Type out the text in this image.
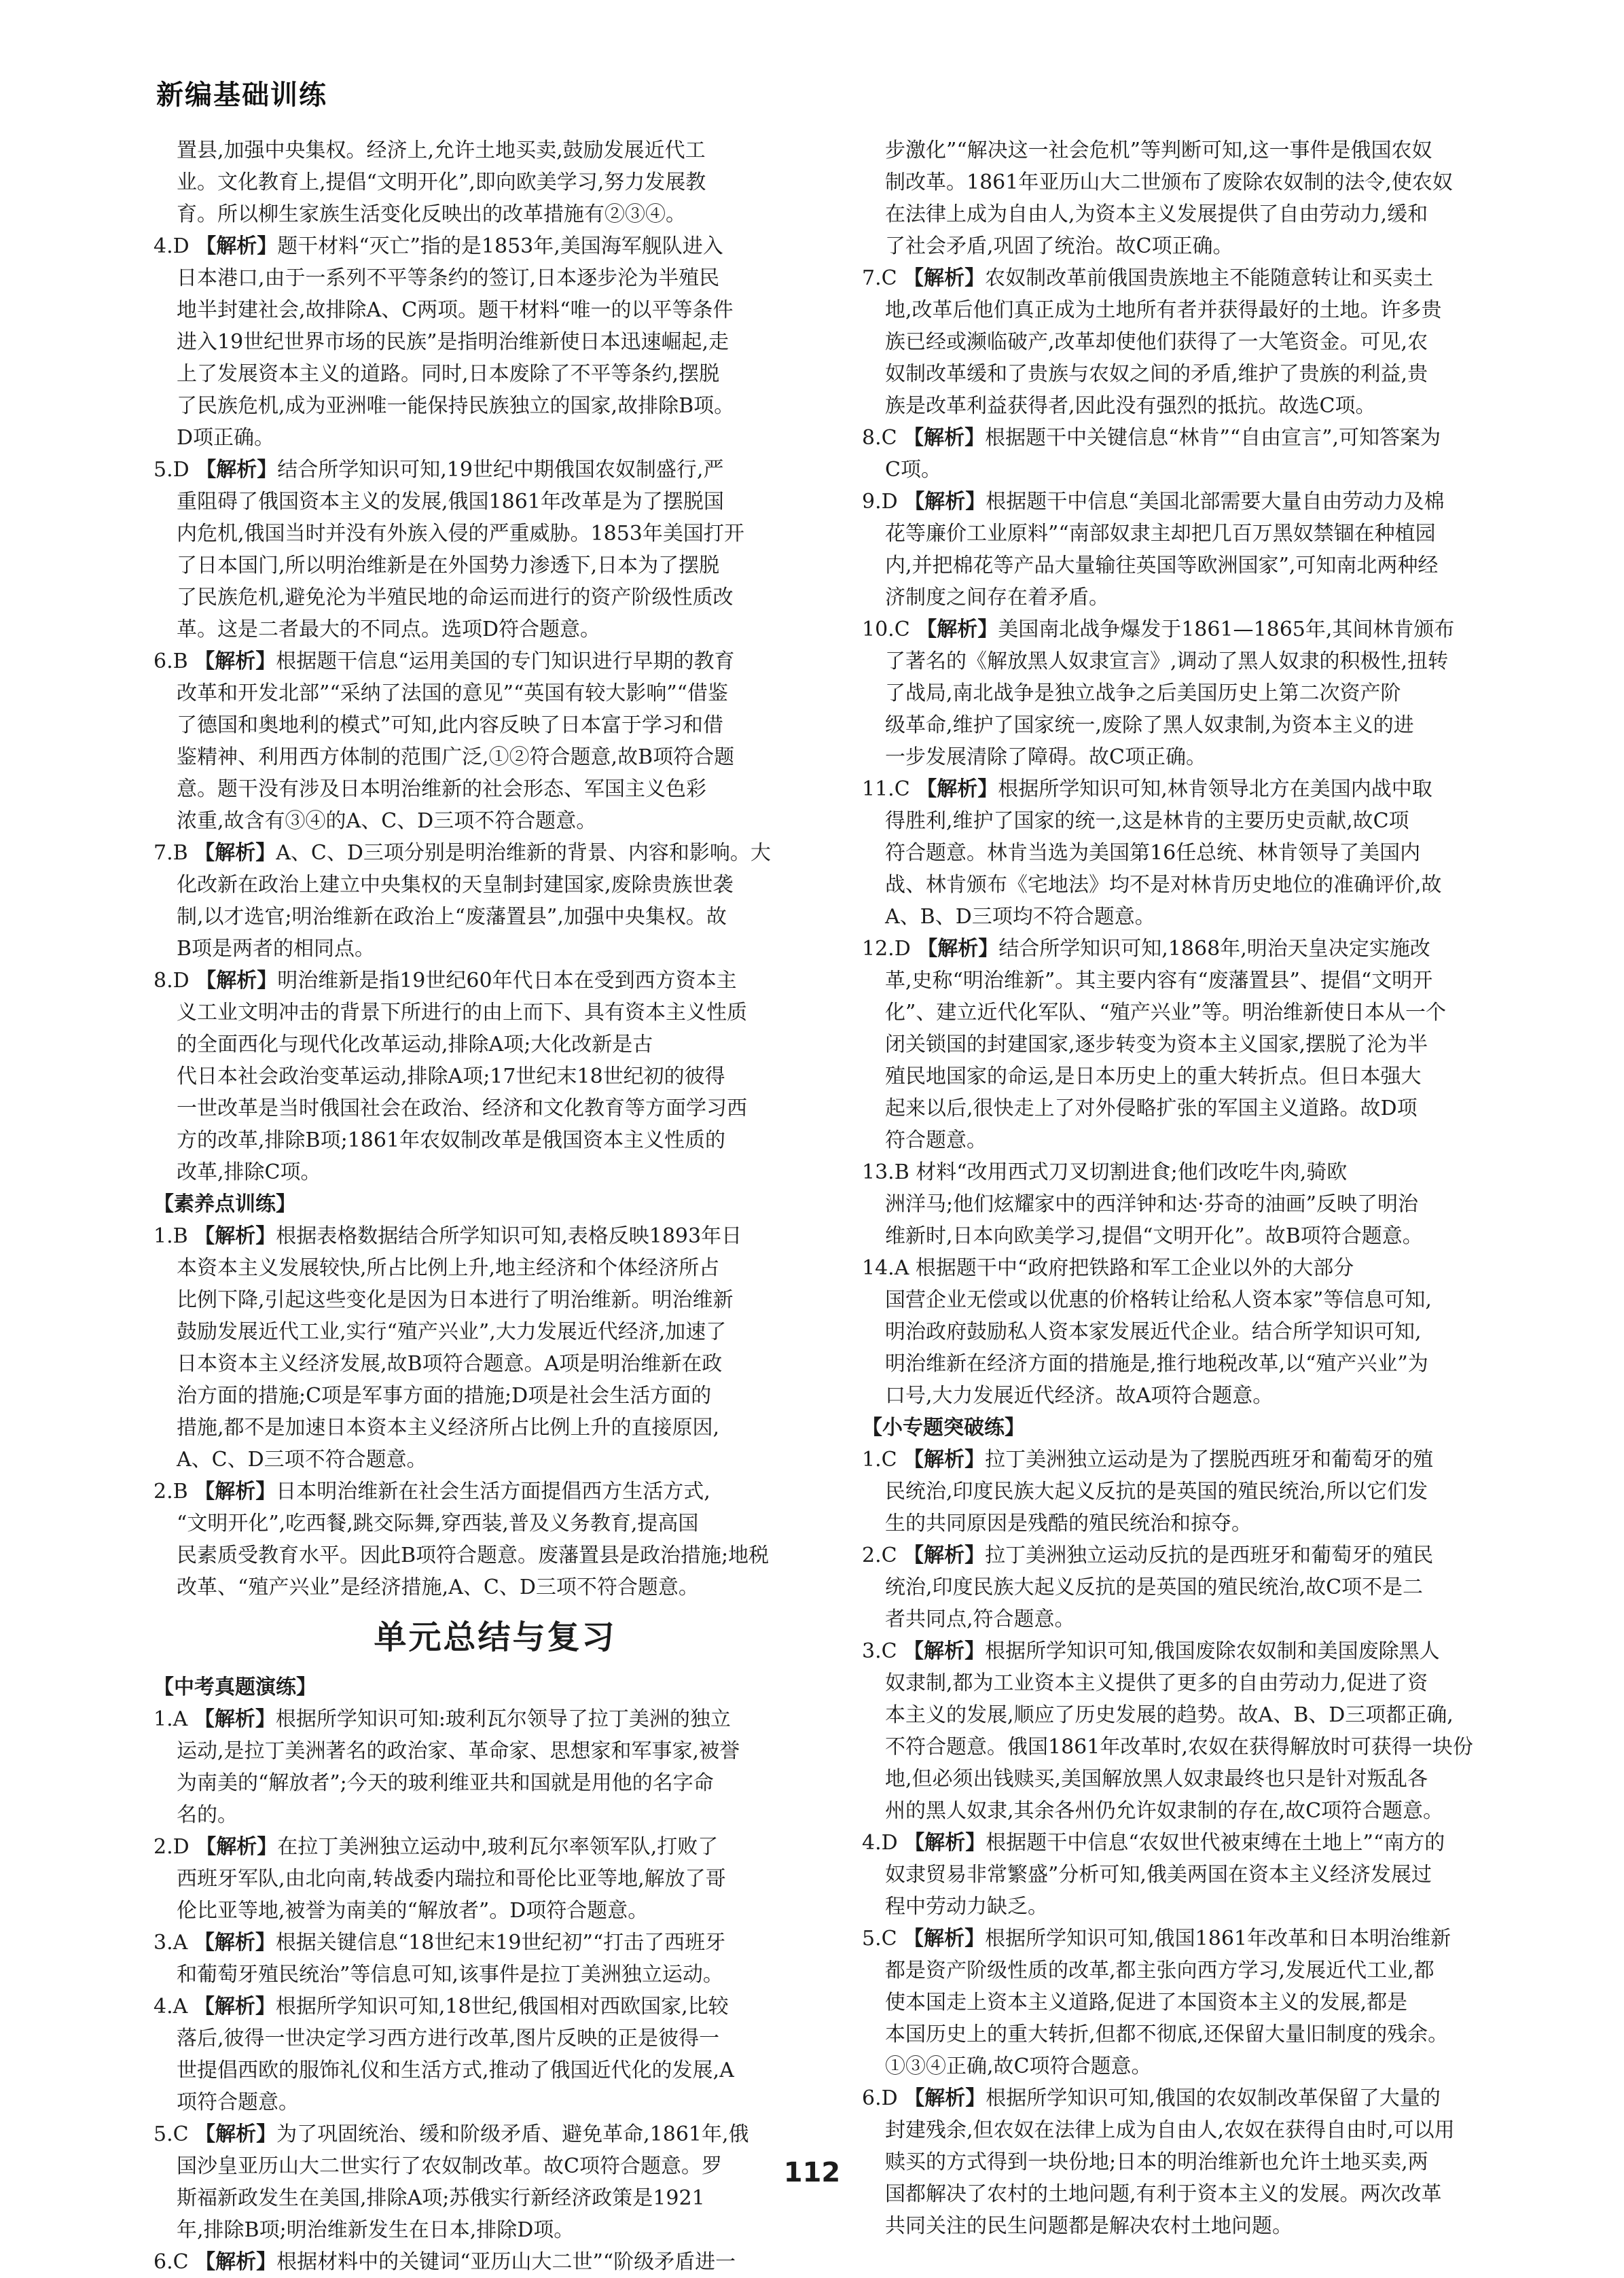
新编基础训练
置县,加强中央集权。经济上,允许土地买卖,鼓励发展近代工
业。文化教育上,提倡“文明开化”,即向欧美学习,努力发展教
育。所以柳生家族生活变化反映出的改革措施有②③④。
4.D 【解析】题干材料“灭亡”指的是1853年,美国海军舰队进入
日本港口,由于一系列不平等条约的签订,日本逐步沦为半殖民
地半封建社会,故排除A、C两项。题干材料“唯一的以平等条件
进入19世纪世界市场的民族”是指明治维新使日本迅速崛起,走
上了发展资本主义的道路。同时,日本废除了不平等条约,摆脱
了民族危机,成为亚洲唯一能保持民族独立的国家,故排除B项。
D项正确。
5.D 【解析】结合所学知识可知,19世纪中期俄国农奴制盛行,严
重阻碍了俄国资本主义的发展,俄国1861年改革是为了摆脱国
内危机,俄国当时并没有外族入侵的严重威胁。1853年美国打开
了日本国门,所以明治维新是在外国势力渗透下,日本为了摆脱
了民族危机,避免沦为半殖民地的命运而进行的资产阶级性质改
革。这是二者最大的不同点。选项D符合题意。
6.B 【解析】根据题干信息“运用美国的专门知识进行早期的教育
改革和开发北部”“采纳了法国的意见”“英国有较大影响”“借鉴
了德国和奥地利的模式”可知,此内容反映了日本富于学习和借
鉴精神、利用西方体制的范围广泛,①②符合题意,故B项符合题
意。题干没有涉及日本明治维新的社会形态、军国主义色彩
浓重,故含有③④的A、C、D三项不符合题意。
7.B 【解析】A、C、D三项分别是明治维新的背景、内容和影响。大
化改新在政治上建立中央集权的天皇制封建国家,废除贵族世袭
制,以才选官;明治维新在政治上“废藩置县”,加强中央集权。故
B项是两者的相同点。
8.D 【解析】明治维新是指19世纪60年代日本在受到西方资本主
义工业文明冲击的背景下所进行的由上而下、具有资本主义性质
的全面西化与现代化改革运动,排除A项;大化改新是古
代日本社会政治变革运动,排除A项;17世纪末18世纪初的彼得
一世改革是当时俄国社会在政治、经济和文化教育等方面学习西
方的改革,排除B项;1861年农奴制改革是俄国资本主义性质的
改革,排除C项。
【素养点训练】
1.B 【解析】根据表格数据结合所学知识可知,表格反映1893年日
本资本主义发展较快,所占比例上升,地主经济和个体经济所占
比例下降,引起这些变化是因为日本进行了明治维新。明治维新
鼓励发展近代工业,实行“殖产兴业”,大力发展近代经济,加速了
日本资本主义经济发展,故B项符合题意。A项是明治维新在政
治方面的措施;C项是军事方面的措施;D项是社会生活方面的
措施,都不是加速日本资本主义经济所占比例上升的直接原因,
A、C、D三项不符合题意。
2.B 【解析】日本明治维新在社会生活方面提倡西方生活方式,
“文明开化”,吃西餐,跳交际舞,穿西装,普及义务教育,提高国
民素质受教育水平。因此B项符合题意。废藩置县是政治措施;地税
改革、“殖产兴业”是经济措施,A、C、D三项不符合题意。
单元总结与复习
【中考真题演练】
1.A 【解析】根据所学知识可知:玻利瓦尔领导了拉丁美洲的独立
运动,是拉丁美洲著名的政治家、革命家、思想家和军事家,被誉
为南美的“解放者”;今天的玻利维亚共和国就是用他的名字命
名的。
2.D 【解析】在拉丁美洲独立运动中,玻利瓦尔率领军队,打败了
西班牙军队,由北向南,转战委内瑞拉和哥伦比亚等地,解放了哥
伦比亚等地,被誉为南美的“解放者”。D项符合题意。
3.A 【解析】根据关键信息“18世纪末19世纪初”“打击了西班牙
和葡萄牙殖民统治”等信息可知,该事件是拉丁美洲独立运动。
4.A 【解析】根据所学知识可知,18世纪,俄国相对西欧国家,比较
落后,彼得一世决定学习西方进行改革,图片反映的正是彼得一
世提倡西欧的服饰礼仪和生活方式,推动了俄国近代化的发展,A
项符合题意。
5.C 【解析】为了巩固统治、缓和阶级矛盾、避免革命,1861年,俄
国沙皇亚历山大二世实行了农奴制改革。故C项符合题意。罗
斯福新政发生在美国,排除A项;苏俄实行新经济政策是1921
年,排除B项;明治维新发生在日本,排除D项。
6.C 【解析】根据材料中的关键词“亚历山大二世”“阶级矛盾进一
步激化”“解决这一社会危机”等判断可知,这一事件是俄国农奴
制改革。1861年亚历山大二世颁布了废除农奴制的法令,使农奴
在法律上成为自由人,为资本主义发展提供了自由劳动力,缓和
了社会矛盾,巩固了统治。故C项正确。
7.C 【解析】农奴制改革前俄国贵族地主不能随意转让和买卖土
地,改革后他们真正成为土地所有者并获得最好的土地。许多贵
族已经或濒临破产,改革却使他们获得了一大笔资金。可见,农
奴制改革缓和了贵族与农奴之间的矛盾,维护了贵族的利益,贵
族是改革利益获得者,因此没有强烈的抵抗。故选C项。
8.C 【解析】根据题干中关键信息“林肯”“自由宣言”,可知答案为
C项。
9.D 【解析】根据题干中信息“美国北部需要大量自由劳动力及棉
花等廉价工业原料”“南部奴隶主却把几百万黑奴禁锢在种植园
内,并把棉花等产品大量输往英国等欧洲国家”,可知南北两种经
济制度之间存在着矛盾。
10.C 【解析】美国南北战争爆发于1861—1865年,其间林肯颁布
了著名的《解放黑人奴隶宣言》,调动了黑人奴隶的积极性,扭转
了战局,南北战争是独立战争之后美国历史上第二次资产阶
级革命,维护了国家统一,废除了黑人奴隶制,为资本主义的进
一步发展清除了障碍。故C项正确。
11.C 【解析】根据所学知识可知,林肯领导北方在美国内战中取
得胜利,维护了国家的统一,这是林肯的主要历史贡献,故C项
符合题意。林肯当选为美国第16任总统、林肯领导了美国内
战、林肯颁布《宅地法》均不是对林肯历史地位的准确评价,故
A、B、D三项均不符合题意。
12.D 【解析】结合所学知识可知,1868年,明治天皇决定实施改
革,史称“明治维新”。其主要内容有“废藩置县”、提倡“文明开
化”、建立近代化军队、“殖产兴业”等。明治维新使日本从一个
闭关锁国的封建国家,逐步转变为资本主义国家,摆脱了沦为半
殖民地国家的命运,是日本历史上的重大转折点。但日本强大
起来以后,很快走上了对外侵略扩张的军国主义道路。故D项
符合题意。
13.B 材料“改用西式刀叉切割进食;他们改吃牛肉,骑欧
洲洋马;他们炫耀家中的西洋钟和达·芬奇的油画”反映了明治
维新时,日本向欧美学习,提倡“文明开化”。故B项符合题意。
14.A 根据题干中“政府把铁路和军工企业以外的大部分
国营企业无偿或以优惠的价格转让给私人资本家”等信息可知,
明治政府鼓励私人资本家发展近代企业。结合所学知识可知,
明治维新在经济方面的措施是,推行地税改革,以“殖产兴业”为
口号,大力发展近代经济。故A项符合题意。
【小专题突破练】
1.C 【解析】拉丁美洲独立运动是为了摆脱西班牙和葡萄牙的殖
民统治,印度民族大起义反抗的是英国的殖民统治,所以它们发
生的共同原因是残酷的殖民统治和掠夺。
2.C 【解析】拉丁美洲独立运动反抗的是西班牙和葡萄牙的殖民
统治,印度民族大起义反抗的是英国的殖民统治,故C项不是二
者共同点,符合题意。
3.C 【解析】根据所学知识可知,俄国废除农奴制和美国废除黑人
奴隶制,都为工业资本主义提供了更多的自由劳动力,促进了资
本主义的发展,顺应了历史发展的趋势。故A、B、D三项都正确,
不符合题意。俄国1861年改革时,农奴在获得解放时可获得一块份
地,但必须出钱赎买,美国解放黑人奴隶最终也只是针对叛乱各
州的黑人奴隶,其余各州仍允许奴隶制的存在,故C项符合题意。
4.D 【解析】根据题干中信息“农奴世代被束缚在土地上”“南方的
奴隶贸易非常繁盛”分析可知,俄美两国在资本主义经济发展过
程中劳动力缺乏。
5.C 【解析】根据所学知识可知,俄国1861年改革和日本明治维新
都是资产阶级性质的改革,都主张向西方学习,发展近代工业,都
使本国走上资本主义道路,促进了本国资本主义的发展,都是
本国历史上的重大转折,但都不彻底,还保留大量旧制度的残余。
①③④正确,故C项符合题意。
6.D 【解析】根据所学知识可知,俄国的农奴制改革保留了大量的
封建残余,但农奴在法律上成为自由人,农奴在获得自由时,可以用
赎买的方式得到一块份地;日本的明治维新也允许土地买卖,两
国都解决了农村的土地问题,有利于资本主义的发展。两次改革
共同关注的民生问题都是解决农村土地问题。
112
